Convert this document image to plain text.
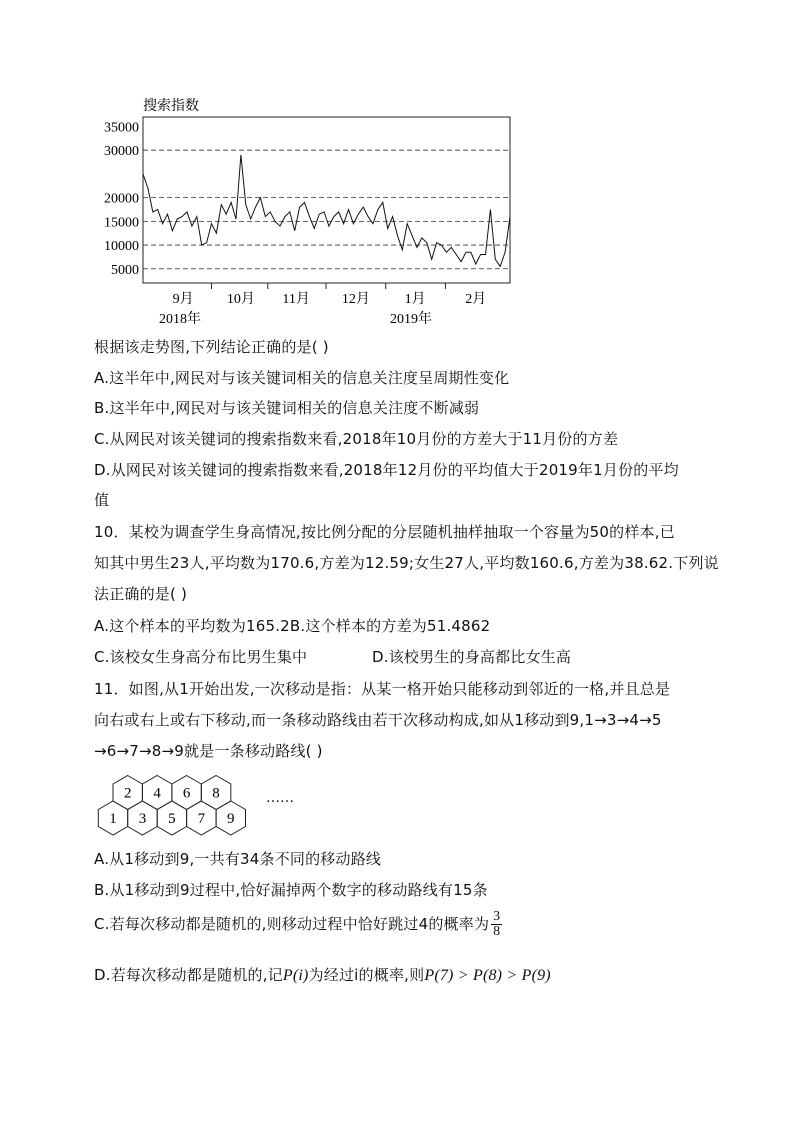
搜索指数
35000
30000
20000
15000
10000
5000
9月 10月 11月 12月 1月	2月
2018年	2019年
根据该走势图,下列结论正确的是( )
A.这半年中,网民对与该关键词相关的信息关注度呈周期性变化
B.这半年中,网民对与该关键词相关的信息关注度不断减弱
C.从网民对该关键词的搜索指数来看,2018年10月份的方差大于11月份的方差
D.从网民对该关键词的搜索指数来看,2018年12月份的平均值大于2019年1月份的平均
值
10．某校为调查学生身高情况,按比例分配的分层随机抽样抽取一个容量为50的样本,已
知其中男生23人,平均数为170.6,方差为12.59;女生27人,平均数160.6,方差为38.62.下列说
法正确的是( )
A.这个样本的平均数为165.2B.这个样本的方差为51.4862
C.该校女生身高分布比男生集中	D.该校男生的身高都比女生高
11．如图,从1开始出发,一次移动是指：从某一格开始只能移动到邻近的一格,并且总是
向右或右上或右下移动,而一条移动路线由若干次移动构成,如从1移动到9,1→3→4→5
→6→7→8→9就是一条移动路线( )
2 4 6 8
1 3 5 7 9
……
A.从1移动到9,一共有34条不同的移动路线
B.从1移动到9过程中,恰好漏掉两个数字的移动路线有15条
C.若每次移动都是随机的,则移动过程中恰好跳过4的概率为 $\frac{3}{8}$
D.若每次移动都是随机的,记P(i)为经过i的概率,则P(7) > P(8) > P(9)
